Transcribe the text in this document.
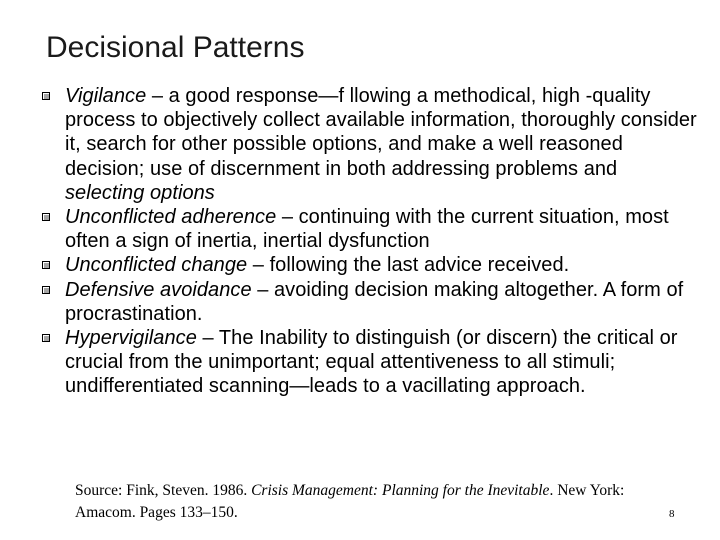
Decisional Patterns
Vigilance – a good response—f llowing a methodical, high -quality process to objectively collect available information, thoroughly consider it, search for other possible options, and make a well reasoned decision; use of discernment in both addressing problems and selecting options
Unconflicted adherence – continuing with the current situation, most often a sign of inertia, inertial dysfunction
Unconflicted change – following the last advice received.
Defensive avoidance – avoiding decision making altogether. A form of procrastination.
Hypervigilance – The Inability to distinguish (or discern) the critical or crucial from the unimportant; equal attentiveness to all stimuli; undifferentiated scanning—leads to a vacillating approach.
Source: Fink, Steven. 1986. Crisis Management: Planning for the Inevitable. New York: Amacom. Pages 133–150.	8
